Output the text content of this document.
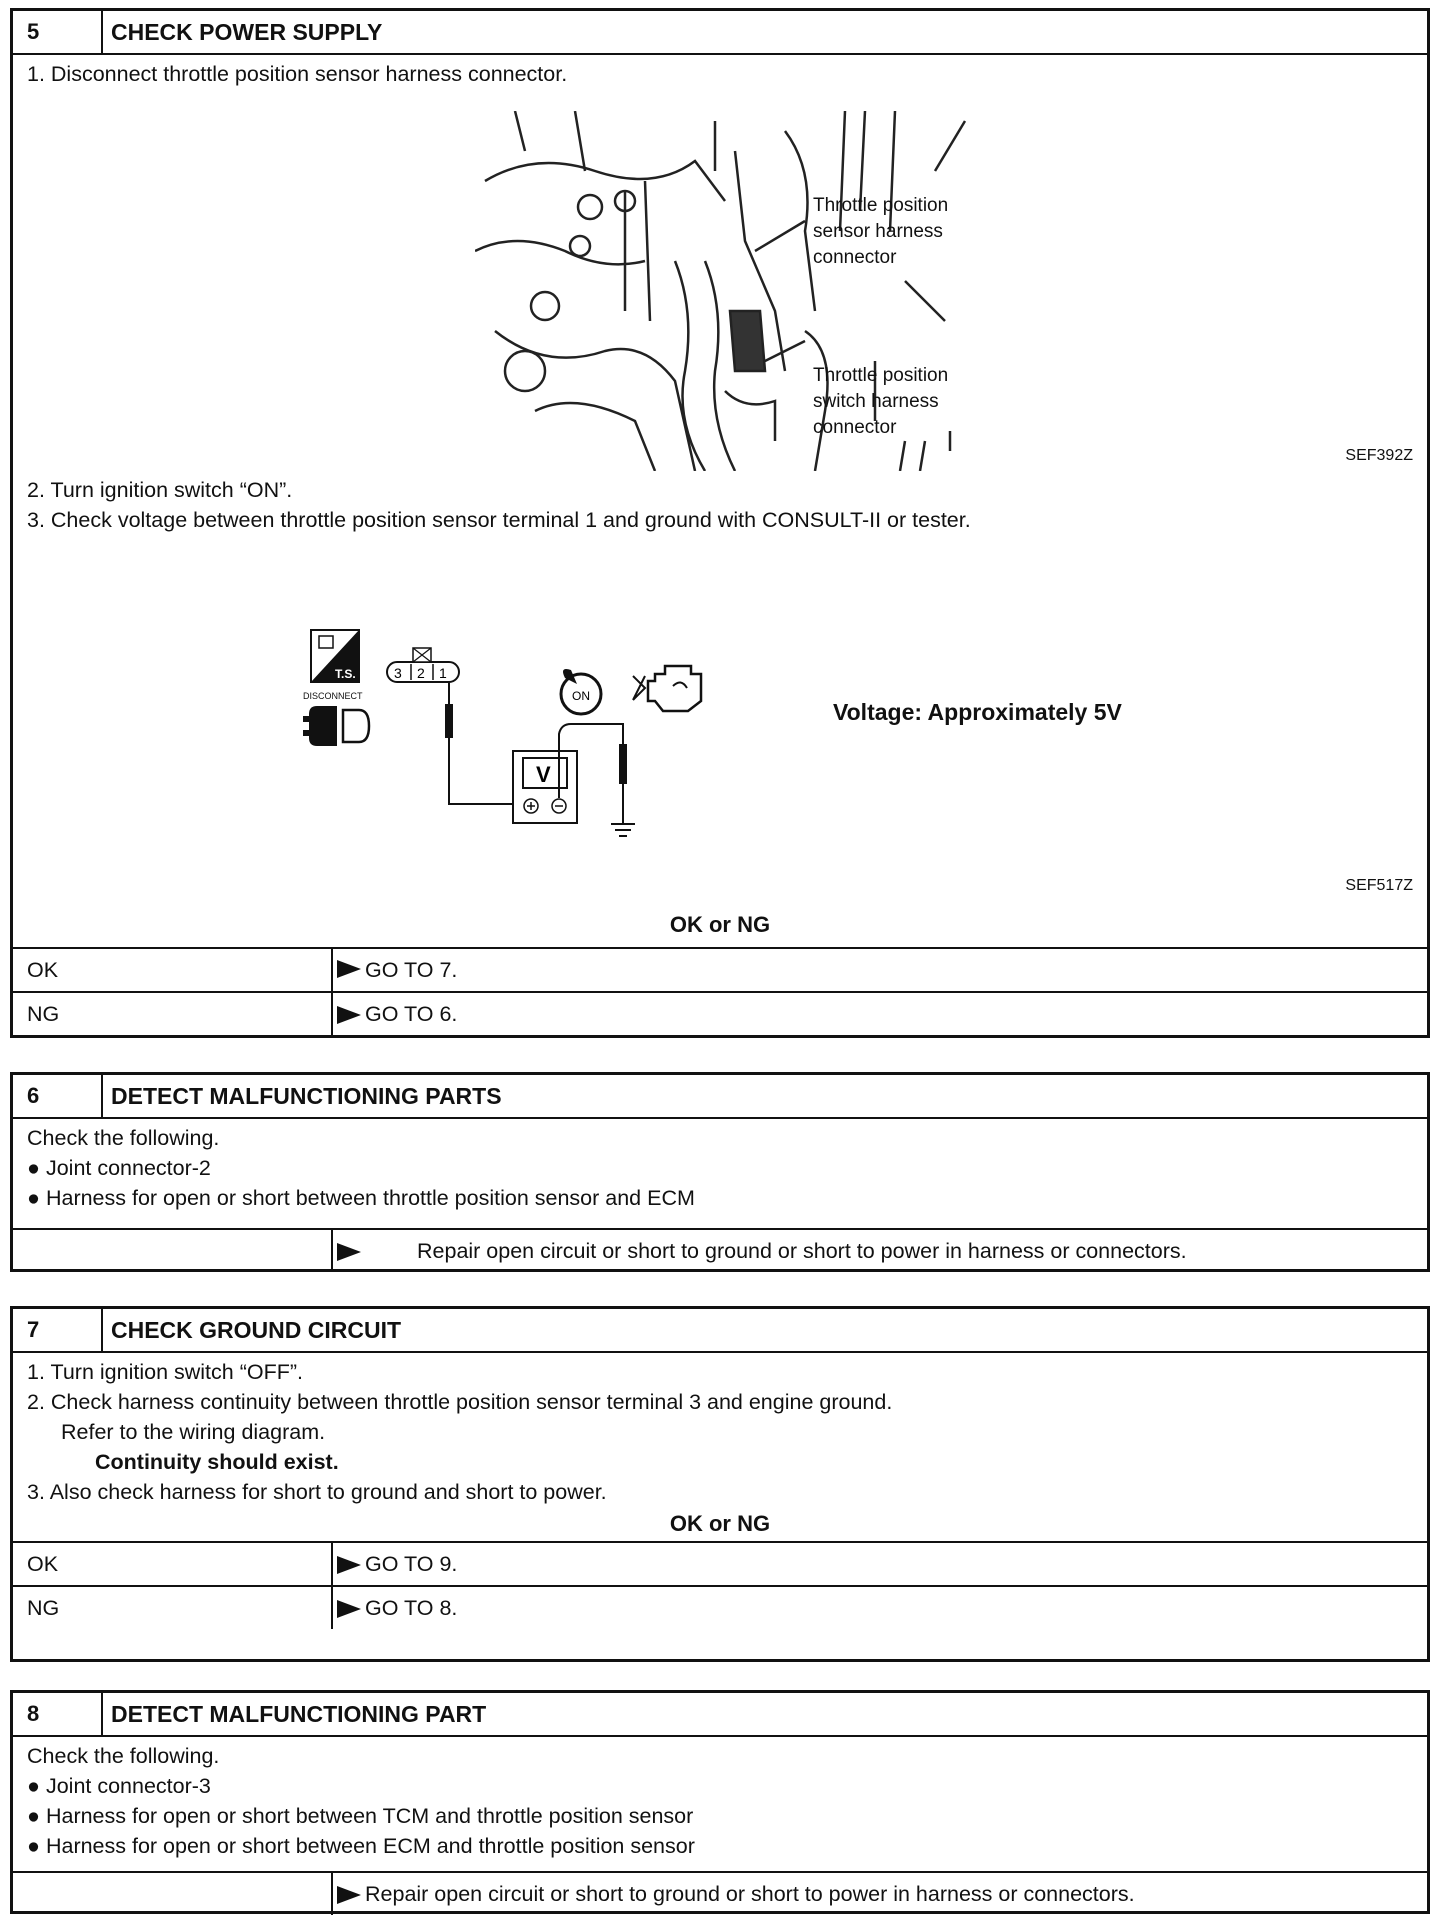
5	CHECK POWER SUPPLY
1. Disconnect throttle position sensor harness connector.
Throttle position
sensor harness
connector
Throttle position
switch harness
connector
SEF392Z
2. Turn ignition switch “ON”.
3. Check voltage between throttle position sensor terminal 1 and ground with CONSULT-II or tester.
T.S.
DISCONNECT
3 2 1
V
ON
Voltage: Approximately 5V
SEF517Z
OK or NG
OK	GO TO 7.
NG	GO TO 6.
6	DETECT MALFUNCTIONING PARTS
Check the following.
● Joint connector-2
● Harness for open or short between throttle position sensor and ECM
Repair open circuit or short to ground or short to power in harness or connectors.
7	CHECK GROUND CIRCUIT
1. Turn ignition switch “OFF”.
2. Check harness continuity between throttle position sensor terminal 3 and engine ground.
Refer to the wiring diagram.
Continuity should exist.
3. Also check harness for short to ground and short to power.
OK or NG
OK	GO TO 9.
NG	GO TO 8.
8	DETECT MALFUNCTIONING PART
Check the following.
● Joint connector-3
● Harness for open or short between TCM and throttle position sensor
● Harness for open or short between ECM and throttle position sensor
Repair open circuit or short to ground or short to power in harness or connectors.
